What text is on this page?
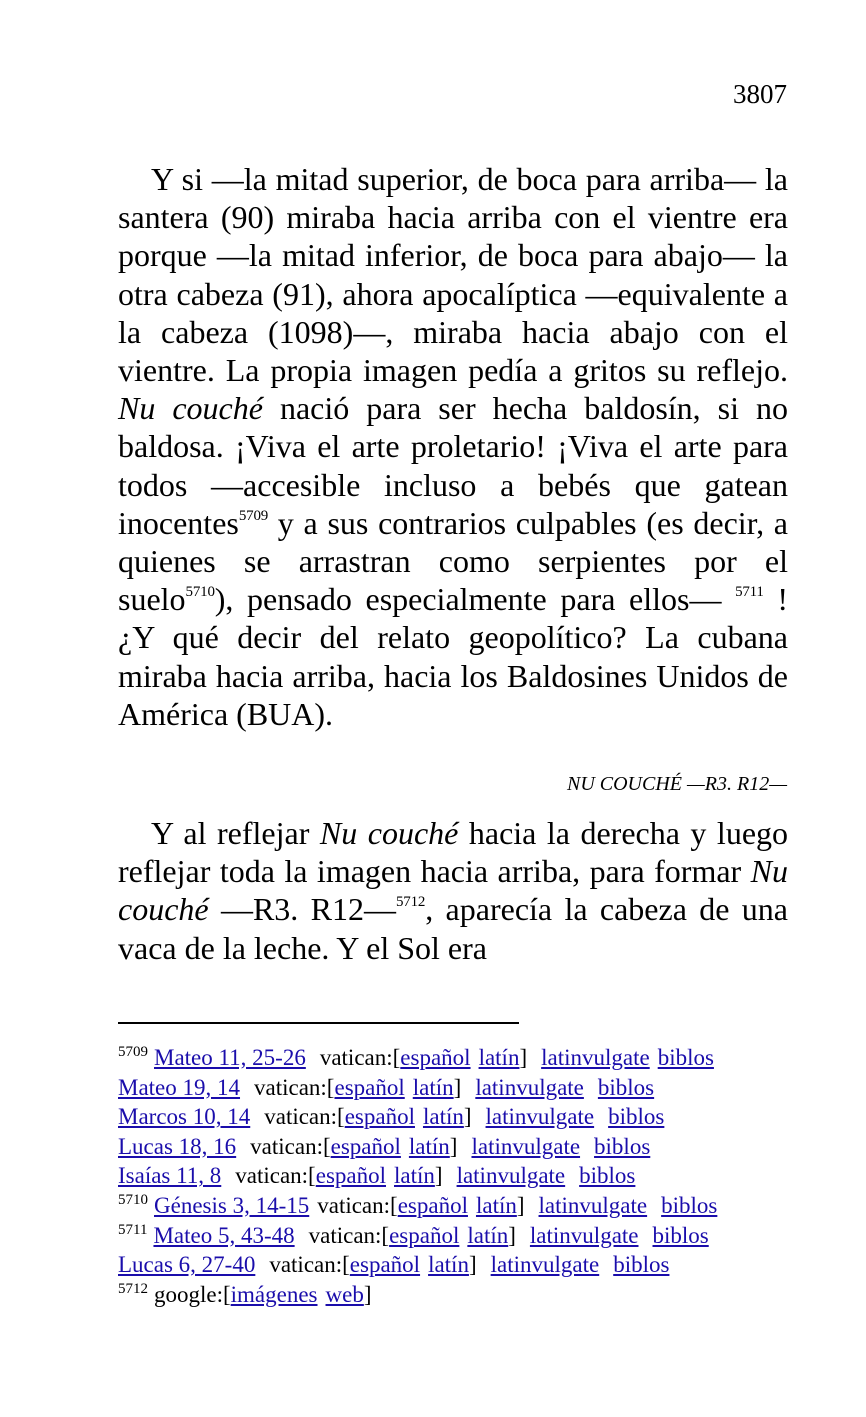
3807

Y si —la mitad superior, de boca para arriba— la santera (90) miraba hacia arriba con el vientre era porque —la mitad inferior, de boca para abajo— la otra cabeza (91), ahora apocalíptica —equivalente a la cabeza (1098)—, miraba hacia abajo con el vientre. La propia imagen pedía a gritos su reflejo. Nu couché nació para ser hecha baldosín, si no baldosa. ¡Viva el arte proletario! ¡Viva el arte para todos —accesible incluso a bebés que gatean inocentes$^{5709}$ y a sus contrarios culpables (es decir, a quienes se arrastran como serpientes por el suelo$^{5710}$), pensado especialmente para ellos— $^{5711}$ ! ¿Y qué decir del relato geopolítico? La cubana miraba hacia arriba, hacia los Baldosines Unidos de América (BUA).

NU COUCHÉ —R3. R12—

Y al reflejar Nu couché hacia la derecha y luego reflejar toda la imagen hacia arriba, para formar Nu couché —R3. R12—$^{5712}$, aparecía la cabeza de una vaca de la leche. Y el Sol era

$^{5709}$ Mateo 11, 25-26 vatican:[español latín] latinvulgate biblos
Mateo 19, 14 vatican:[español latín] latinvulgate biblos
Marcos 10, 14 vatican:[español latín] latinvulgate biblos
Lucas 18, 16 vatican:[español latín] latinvulgate biblos
Isaías 11, 8 vatican:[español latín] latinvulgate biblos
$^{5710}$ Génesis 3, 14-15 vatican:[español latín] latinvulgate biblos
$^{5711}$ Mateo 5, 43-48 vatican:[español latín] latinvulgate biblos
Lucas 6, 27-40 vatican:[español latín] latinvulgate biblos
$^{5712}$ google:[imágenes web]
